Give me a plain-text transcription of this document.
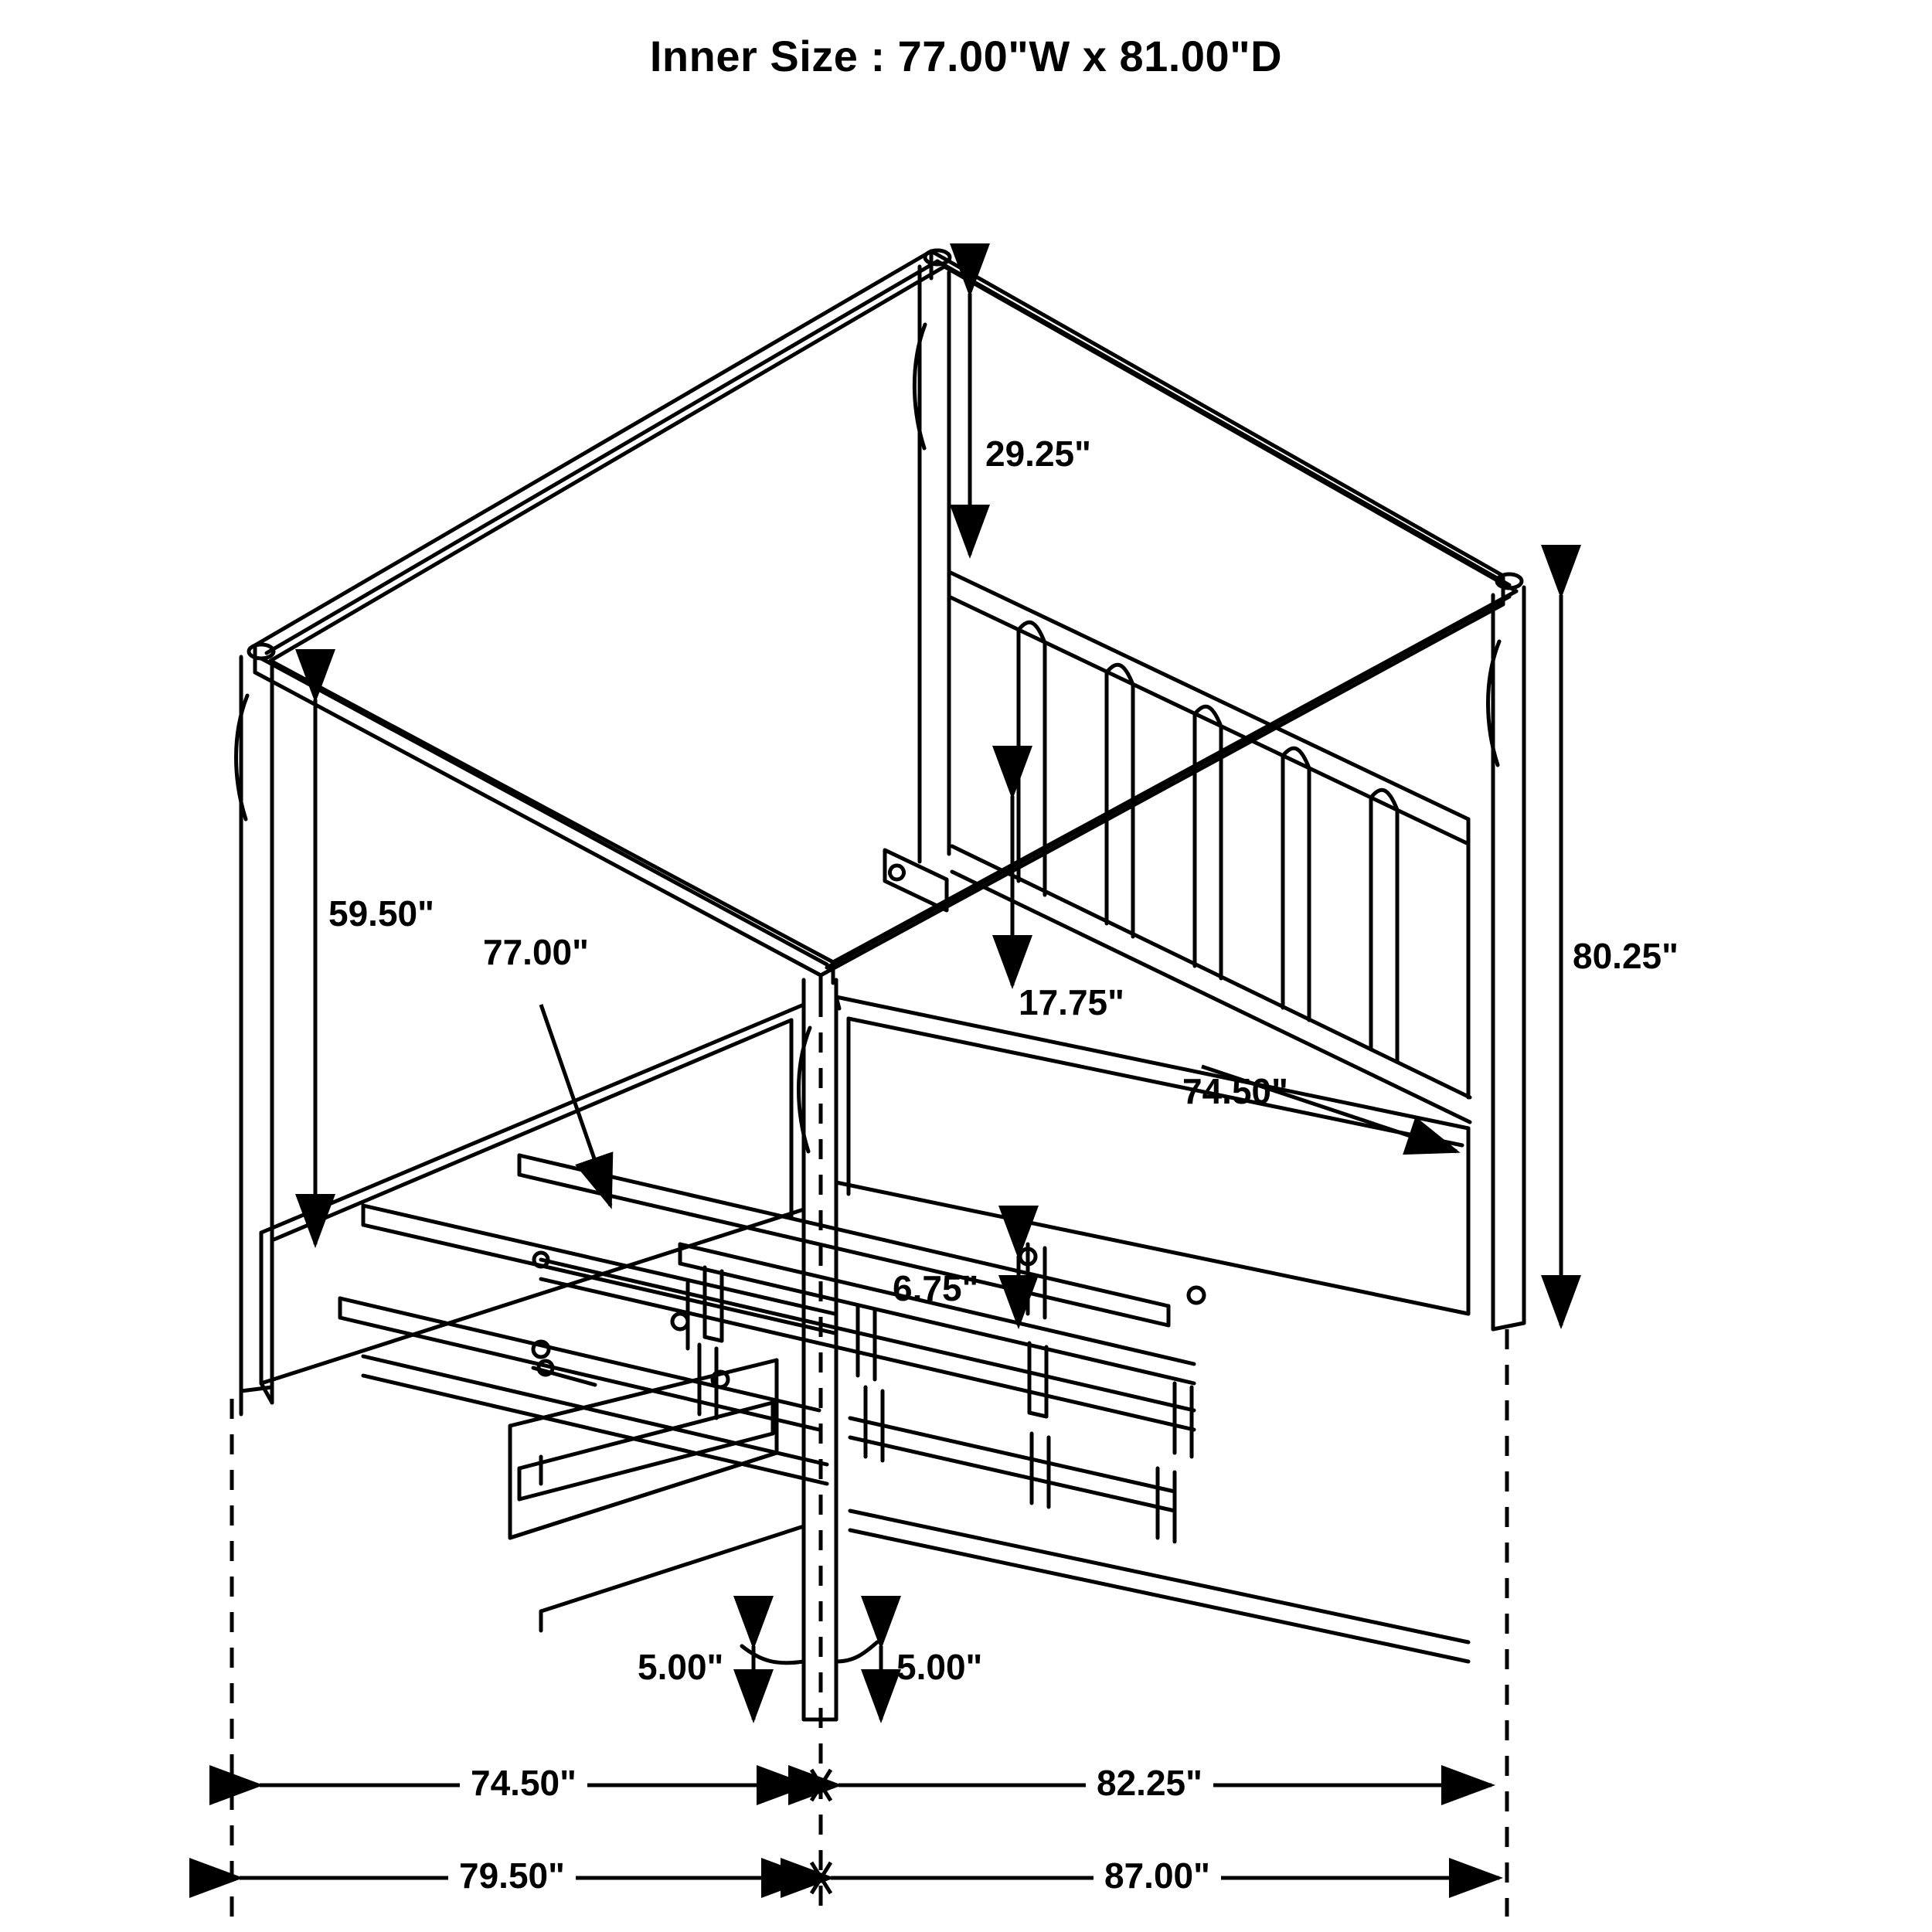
Inner Size : 77.00"W x 81.00"D
29.25"
59.50"
77.00"
17.75"
80.25"
74.50"
6.75"
5.00"	5.00"
74.50"	82.25"
79.50"	87.00"
